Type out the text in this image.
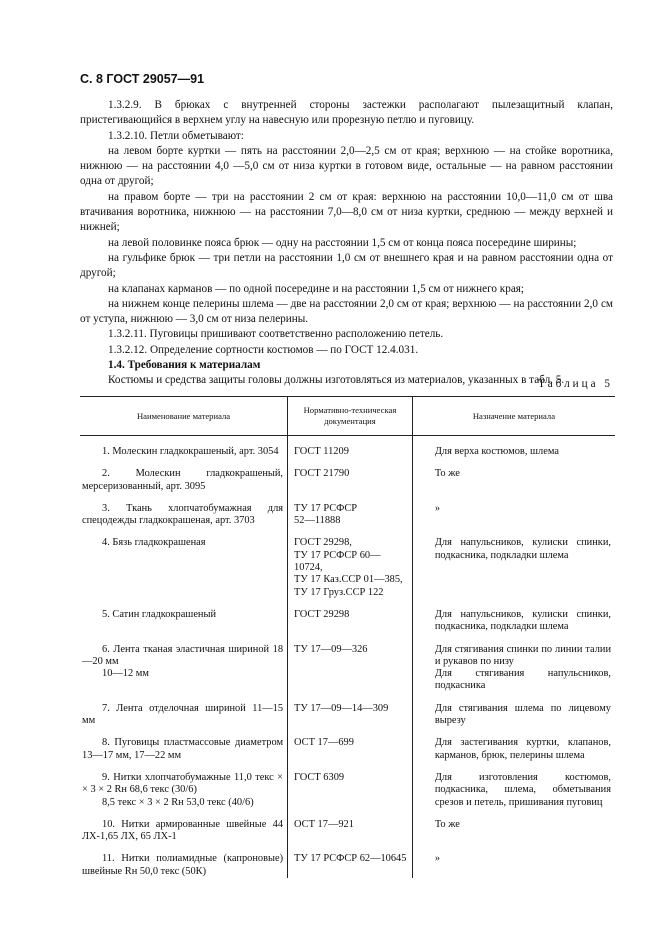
С. 8 ГОСТ 29057—91

1.3.2.9. В брюках с внутренней стороны застежки располагают пылезащитный клапан, пристегивающийся в верхнем углу на навесную или прорезную петлю и пуговицу.

1.3.2.10. Петли обметывают:

на левом борте куртки — пять на расстоянии 2,0—2,5 см от края; верхнюю — на стойке воротника, нижнюю — на расстоянии 4,0 —5,0 см от низа куртки в готовом виде, остальные — на равном расстоянии одна от другой;

на правом борте — три на расстоянии 2 см от края: верхнюю на расстоянии 10,0—11,0 см от шва втачивания воротника, нижнюю — на расстоянии 7,0—8,0 см от низа куртки, среднюю — между верхней и нижней;

на левой половинке пояса брюк — одну на расстоянии 1,5 см от конца пояса посередине ширины;

на гульфике брюк — три петли на расстоянии 1,0 см от внешнего края и на равном расстоянии одна от другой;

на клапанах карманов — по одной посередине и на расстоянии 1,5 см от нижнего края;

на нижнем конце пелерины шлема — две на расстоянии 2,0 см от края; верхнюю — на расстоянии 2,0 см от уступа, нижнюю — 3,0 см от низа пелерины.

1.3.2.11. Пуговицы пришивают соответственно расположению петель.

1.3.2.12. Определение сортности костюмов — по ГОСТ 12.4.031.

1.4. Требования к материалам

Костюмы и средства защиты головы должны изготовляться из материалов, указанных в табл. 5.

Таблица 5
Наименование материала	Нормативно-техническая документация	Назначение материала

1. Молескин гладкокрашеный, арт. 3054	ГОСТ 11209	Для верха костюмов, шлема

2. Молескин гладкокрашеный, мерсеризованный, арт. 3095	ГОСТ 21790	То же

3. Ткань хлопчатобумажная для спецодежды гладкокрашеная, арт. 3703	ТУ 17 РСФСР
52—11888	»

4. Бязь гладкокрашеная	ГОСТ 29298,
ТУ 17 РСФСР 60—10724,
ТУ 17 Каз.ССР 01—385,
ТУ 17 Груз.ССР 122	Для напульсников, кулиски спинки, подкасника, подкладки шлема

5. Сатин гладкокрашеный	ГОСТ 29298	Для напульсников, кулиски спинки, подкасника, подкладки шлема

6. Лента тканая эластичная шириной 18—20 мм
10—12 мм	ТУ 17—09—326	Для стягивания спинки по линии талии и рукавов по низу
Для стягивания напульсников, подкасника

7. Лента отделочная шириной 11—15 мм	ТУ 17—09—14—309	Для стягивания шлема по лицевому вырезу

8. Пуговицы пластмассовые диаметром 13—17 мм, 17—22 мм	ОСТ 17—699	Для застегивания куртки, клапанов, карманов, брюк, пелерины шлема

9. Нитки хлопчатобумажные 11,0 текс × × 3 × 2 Rн 68,6 текс (30/6)
8,5 текс × 3 × 2 Rн 53,0 текс (40/6)	ГОСТ 6309	Для изготовления костюмов, подкасника, шлема, обметывания срезов и петель, пришивания пуговиц

10. Нитки армированные швейные 44 ЛХ-1,65 ЛХ, 65 ЛХ-1	ОСТ 17—921	То же

11. Нитки полиамидные (капроновые) швейные Rн 50,0 текс (50К)	ТУ 17 РСФСР 62—10645	»
